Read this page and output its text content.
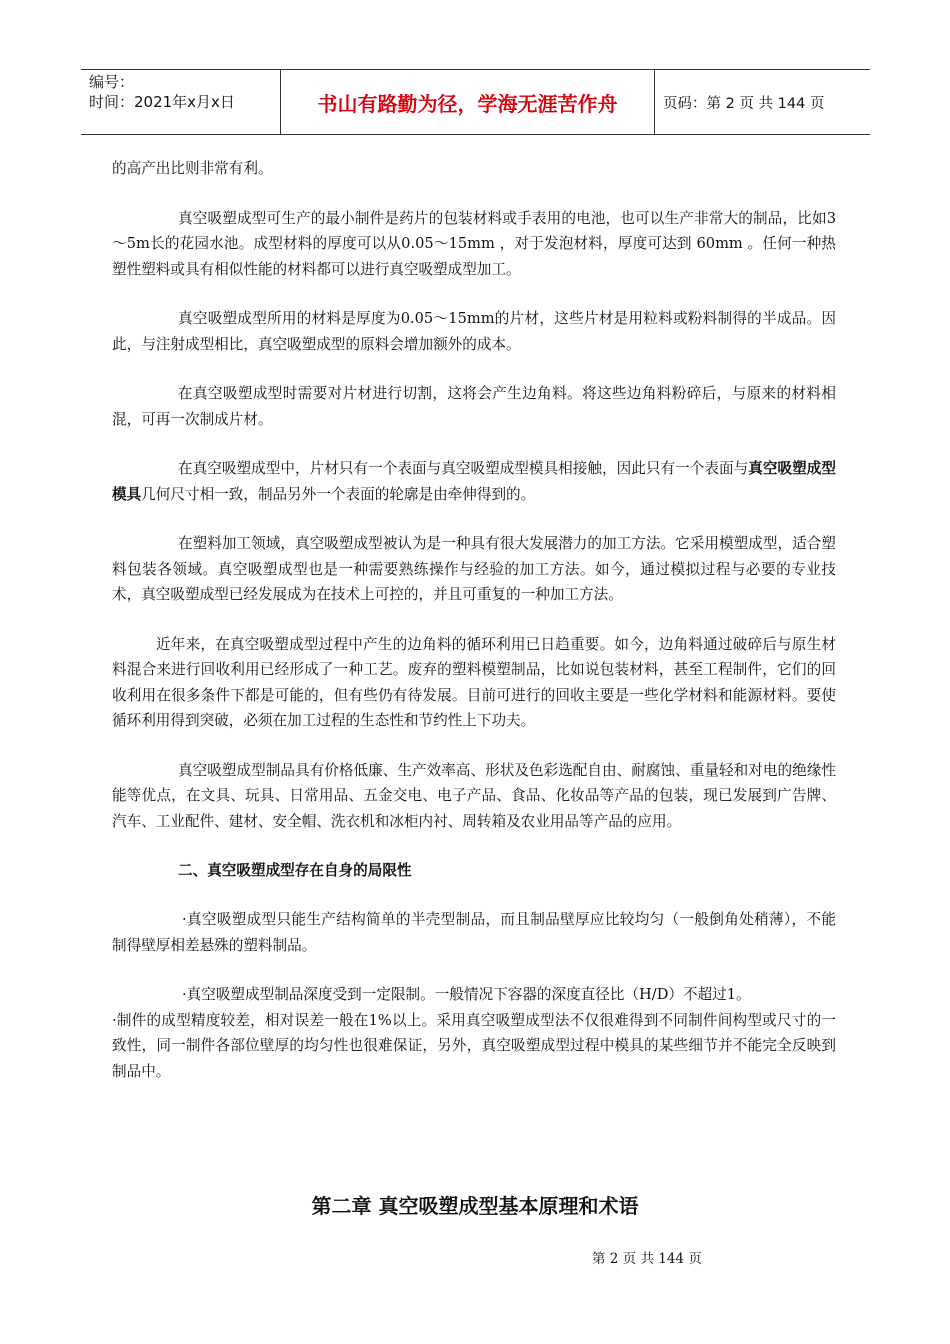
编号：
时间：2021年x月x日	书山有路勤为径，学海无涯苦作舟	页码：第 2 页 共 144 页

的高产出比则非常有利。

真空吸塑成型可生产的最小制件是药片的包装材料或手表用的电池，也可以生产非常大的制品，比如3～5m长的花园水池。成型材料的厚度可以从0.05～15mm ，对于发泡材料，厚度可达到 60mm 。任何一种热塑性塑料或具有相似性能的材料都可以进行真空吸塑成型加工。

真空吸塑成型所用的材料是厚度为0.05～15mm的片材，这些片材是用粒料或粉料制得的半成品。因此，与注射成型相比，真空吸塑成型的原料会增加额外的成本。

在真空吸塑成型时需要对片材进行切割，这将会产生边角料。将这些边角料粉碎后，与原来的材料相混，可再一次制成片材。

在真空吸塑成型中，片材只有一个表面与真空吸塑成型模具相接触，因此只有一个表面与真空吸塑成型模具几何尺寸相一致，制品另外一个表面的轮廓是由牵伸得到的。

在塑料加工领域，真空吸塑成型被认为是一种具有很大发展潜力的加工方法。它采用模塑成型，适合塑料包装各领域。真空吸塑成型也是一种需要熟练操作与经验的加工方法。如今，通过模拟过程与必要的专业技术，真空吸塑成型已经发展成为在技术上可控的，并且可重复的一种加工方法。

近年来，在真空吸塑成型过程中产生的边角料的循环利用已日趋重要。如今，边角料通过破碎后与原生材料混合来进行回收利用已经形成了一种工艺。废弃的塑料模塑制品，比如说包装材料，甚至工程制件，它们的回收利用在很多条件下都是可能的，但有些仍有待发展。目前可进行的回收主要是一些化学材料和能源材料。要使循环利用得到突破，必须在加工过程的生态性和节约性上下功夫。

真空吸塑成型制品具有价格低廉、生产效率高、形状及色彩选配自由、耐腐蚀、重量轻和对电的绝缘性能等优点，在文具、玩具、日常用品、五金交电、电子产品、食品、化妆品等产品的包装，现已发展到广告牌、汽车、工业配件、建材、安全帽、洗衣机和冰柜内衬、周转箱及农业用品等产品的应用。

二、真空吸塑成型存在自身的局限性

·真空吸塑成型只能生产结构简单的半壳型制品，而且制品壁厚应比较均匀（一般倒角处稍薄），不能制得壁厚相差悬殊的塑料制品。

·真空吸塑成型制品深度受到一定限制。一般情况下容器的深度直径比（H/D）不超过1。

·制件的成型精度较差，相对误差一般在1%以上。采用真空吸塑成型法不仅很难得到不同制件间构型或尺寸的一致性，同一制件各部位壁厚的均匀性也很难保证，另外，真空吸塑成型过程中模具的某些细节并不能完全反映到制品中。

第二章 真空吸塑成型基本原理和术语
第 2 页 共 144 页
